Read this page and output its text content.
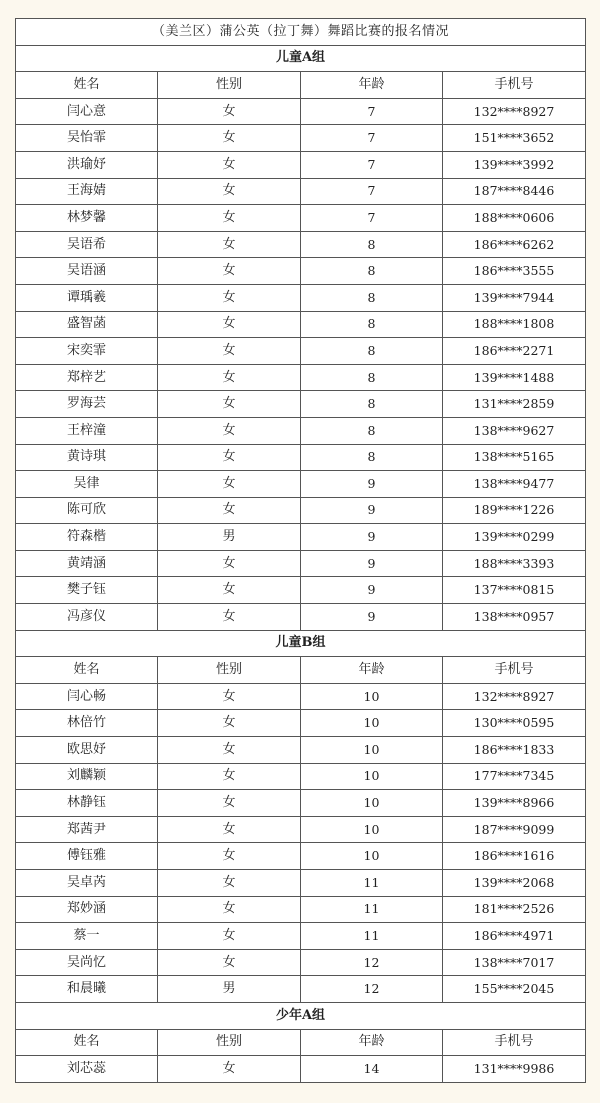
（美兰区）蒲公英（拉丁舞）舞蹈比赛的报名情况			
儿童A组			
姓名	性别	年龄	手机号
闫心意	女	7	132****8927
吴怡霏	女	7	151****3652
洪瑜妤	女	7	139****3992
王海婧	女	7	187****8446
林梦馨	女	7	188****0606
吴语希	女	8	186****6262
吴语涵	女	8	186****3555
谭瑀羲	女	8	139****7944
盛智菡	女	8	188****1808
宋奕霏	女	8	186****2271
郑梓艺	女	8	139****1488
罗海芸	女	8	131****2859
王梓潼	女	8	138****9627
黄诗琪	女	8	138****5165
吴律	女	9	138****9477
陈可欣	女	9	189****1226
符森楷	男	9	139****0299
黄靖涵	女	9	188****3393
樊子钰	女	9	137****0815
冯彦仪	女	9	138****0957
儿童B组			
姓名	性别	年龄	手机号
闫心畅	女	10	132****8927
林倍竹	女	10	130****0595
欧思妤	女	10	186****1833
刘麟颖	女	10	177****7345
林静钰	女	10	139****8966
郑茜尹	女	10	187****9099
傅钰雅	女	10	186****1616
吴卓芮	女	11	139****2068
郑妙涵	女	11	181****2526
蔡一	女	11	186****4971
吴尚忆	女	12	138****7017
和晨曦	男	12	155****2045
少年A组			
姓名	性别	年龄	手机号
刘芯蕊	女	14	131****9986
